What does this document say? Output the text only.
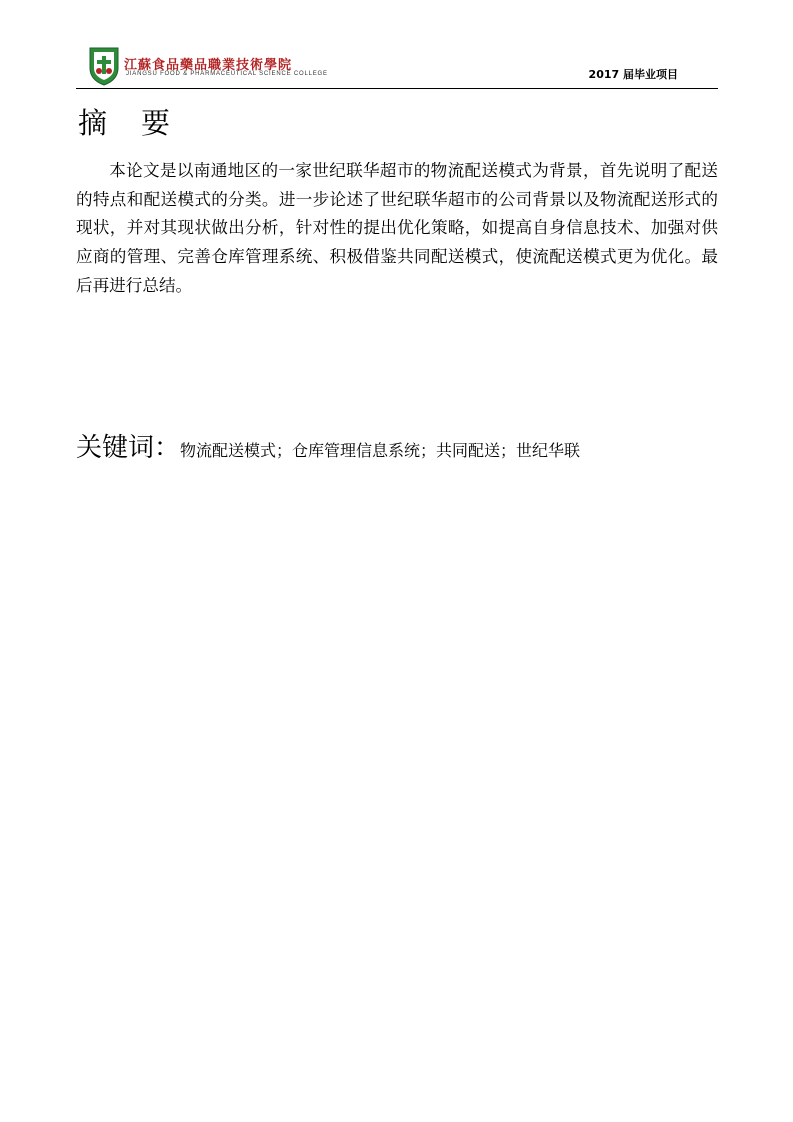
江蘇食品藥品職業技術學院
JIANGSU FOOD & PHARMACEUTICAL SCIENCE COLLEGE	2017 届毕业项目
摘要

本论文是以南通地区的一家世纪联华超市的物流配送模式为背景，首先说明了配送的特点和配送模式的分类。进一步论述了世纪联华超市的公司背景以及物流配送形式的现状，并对其现状做出分析，针对性的提出优化策略，如提高自身信息技术、加强对供应商的管理、完善仓库管理系统、积极借鉴共同配送模式，使流配送模式更为优化。最后再进行总结。

关键词：物流配送模式；仓库管理信息系统；共同配送；世纪华联
